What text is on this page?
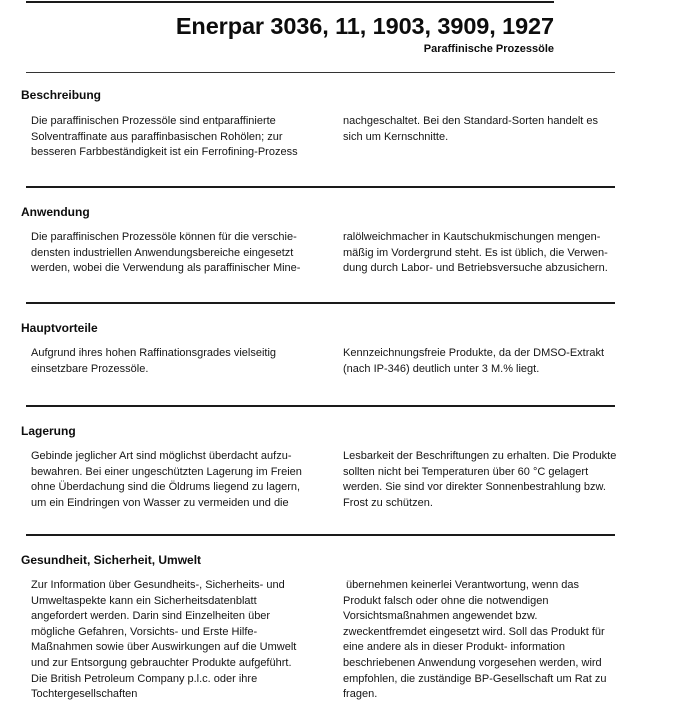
Enerpar 3036, 11, 1903, 3909, 1927
Paraffinische Prozessöle
Beschreibung
Die paraffinischen Prozessöle sind entparaffinierte
Solventraffinate aus paraffinbasischen Rohölen; zur
besseren Farbbeständigkeit ist ein Ferrofining-Prozess
nachgeschaltet. Bei den Standard-Sorten handelt es
sich um Kernschnitte.
Anwendung
Die paraffinischen Prozessöle können für die verschie-
densten industriellen Anwendungsbereiche eingesetzt
werden, wobei die Verwendung als paraffinischer Mine-
ralölweichmacher in Kautschukmischungen mengen-
mäßig im Vordergrund steht. Es ist üblich, die Verwen-
dung durch Labor- und Betriebsversuche abzusichern.
Hauptvorteile
Aufgrund ihres hohen Raffinationsgrades vielseitig
einsetzbare Prozessöle.
Kennzeichnungsfreie Produkte, da der DMSO-Extrakt
(nach IP-346) deutlich unter 3 M.% liegt.
Lagerung
Gebinde jeglicher Art sind möglichst überdacht aufzu-
bewahren. Bei einer ungeschützten Lagerung im Freien
ohne Überdachung sind die Öldrums liegend zu lagern,
um ein Eindringen von Wasser zu vermeiden und die
Lesbarkeit der Beschriftungen zu erhalten. Die Produkte
sollten nicht bei Temperaturen über 60 °C gelagert
werden. Sie sind vor direkter Sonnenbestrahlung bzw.
Frost zu schützen.
Gesundheit, Sicherheit, Umwelt
Zur Information über Gesundheits-, Sicherheits- und
Umweltaspekte kann ein Sicherheitsdatenblatt
angefordert werden. Darin sind Einzelheiten über
mögliche Gefahren, Vorsichts- und Erste Hilfe-
Maßnahmen sowie über Auswirkungen auf die Umwelt
und zur Entsorgung gebrauchter Produkte aufgeführt.
Die British Petroleum Company p.l.c. oder ihre
Tochtergesellschaften
übernehmen keinerlei Verantwortung, wenn das
Produkt falsch oder ohne die notwendigen
Vorsichtsmaßnahmen angewendet bzw.
zweckentfremdet eingesetzt wird. Soll das Produkt für
eine andere als in dieser Produkt- information
beschriebenen Anwendung vorgesehen werden, wird
empfohlen, die zuständige BP-Gesellschaft um Rat zu
fragen.
